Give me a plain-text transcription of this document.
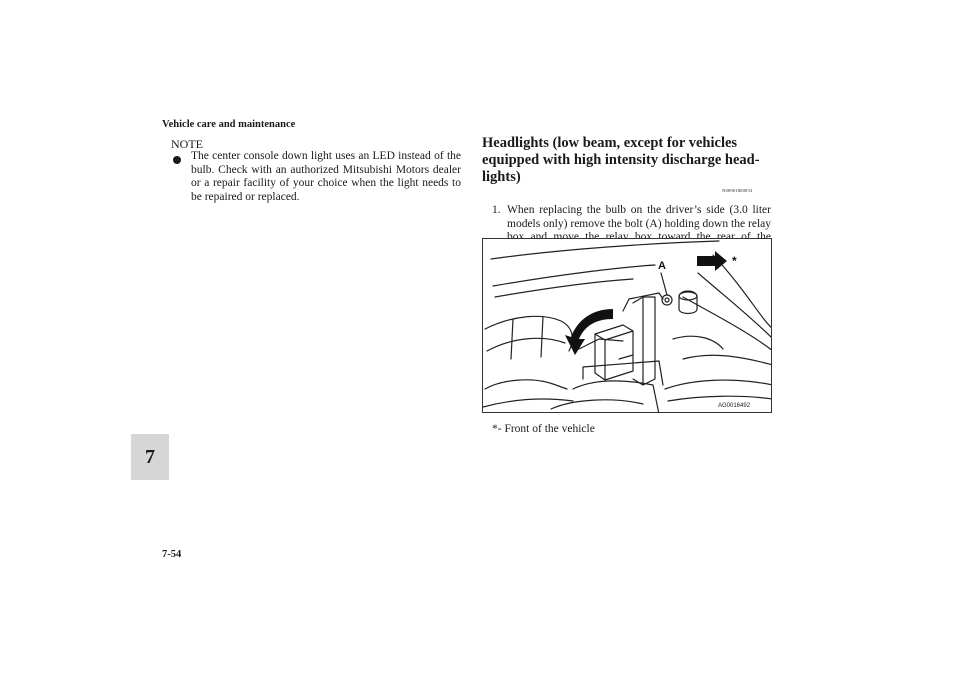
Vehicle care and maintenance
7
7-54
NOTE
The center console down light uses an LED instead of the bulb. Check with an authorized Mitsubishi Motors dealer or a repair facility of your choice when the light needs to be repaired or replaced.
Headlights (low beam, except for vehicles equipped with high intensity discharge head-lights)
N00901800033
1. When replacing the bulb on the driver’s side (3.0 liter models only) remove the bolt (A) holding down the relay
A	*
AG0016492
*- Front of the vehicle
